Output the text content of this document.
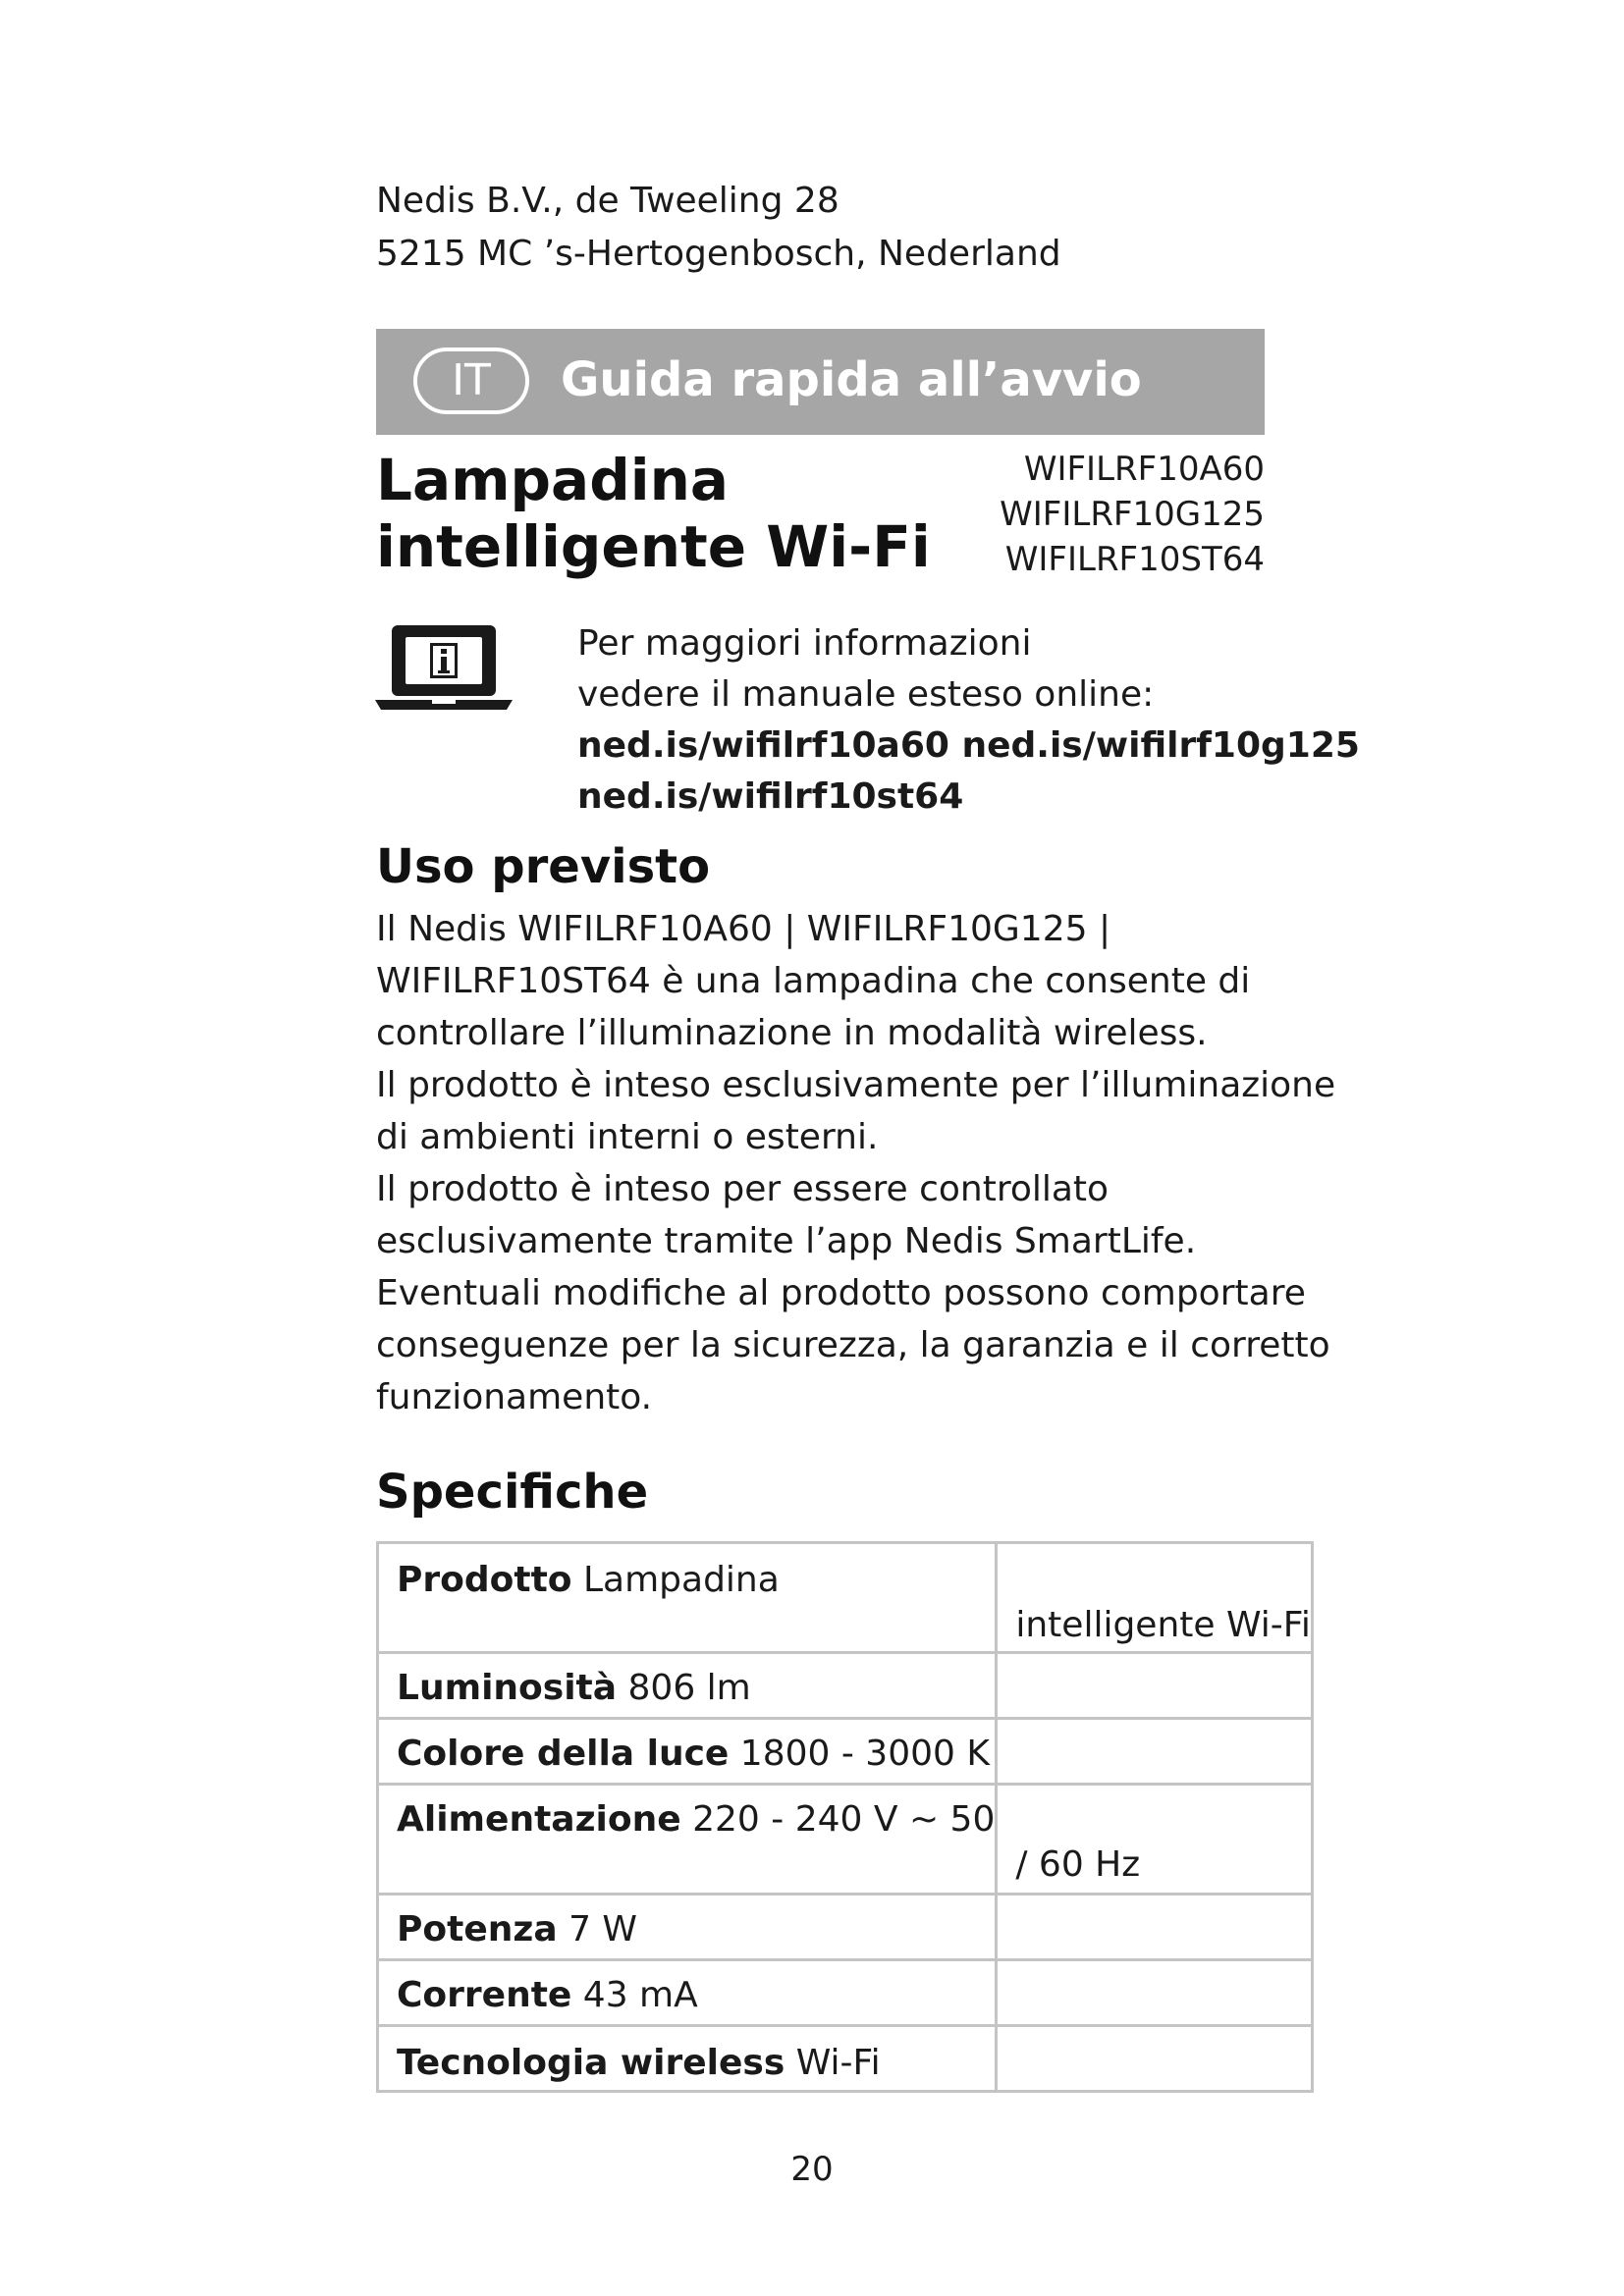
Nedis B.V., de Tweeling 28
5215 MC ’s-Hertogenbosch, Nederland
IT	Guida rapida all’avvio
Lampadina
intelligente Wi-Fi
WIFILRF10A60
WIFILRF10G125
WIFILRF10ST64
Per maggiori informazioni
vedere il manuale esteso online:
ned.is/wifilrf10a60 ned.is/wifilrf10g125
ned.is/wifilrf10st64
Uso previsto
Il Nedis WIFILRF10A60 | WIFILRF10G125 |
WIFILRF10ST64 è una lampadina che consente di
controllare l’illuminazione in modalità wireless.
Il prodotto è inteso esclusivamente per l’illuminazione
di ambienti interni o esterni.
Il prodotto è inteso per essere controllato
esclusivamente tramite l’app Nedis SmartLife.
Eventuali modifiche al prodotto possono comportare
conseguenze per la sicurezza, la garanzia e il corretto
funzionamento.
Specifiche
Prodotto Lampadina	intelligente Wi-Fi

Luminosità 806 lm	

Colore della luce 1800 - 3000 K	

Alimentazione 220 - 240 V ~ 50	/ 60 Hz

Potenza 7 W	

Corrente 43 mA	

Tecnologia wireless Wi-Fi	

20
